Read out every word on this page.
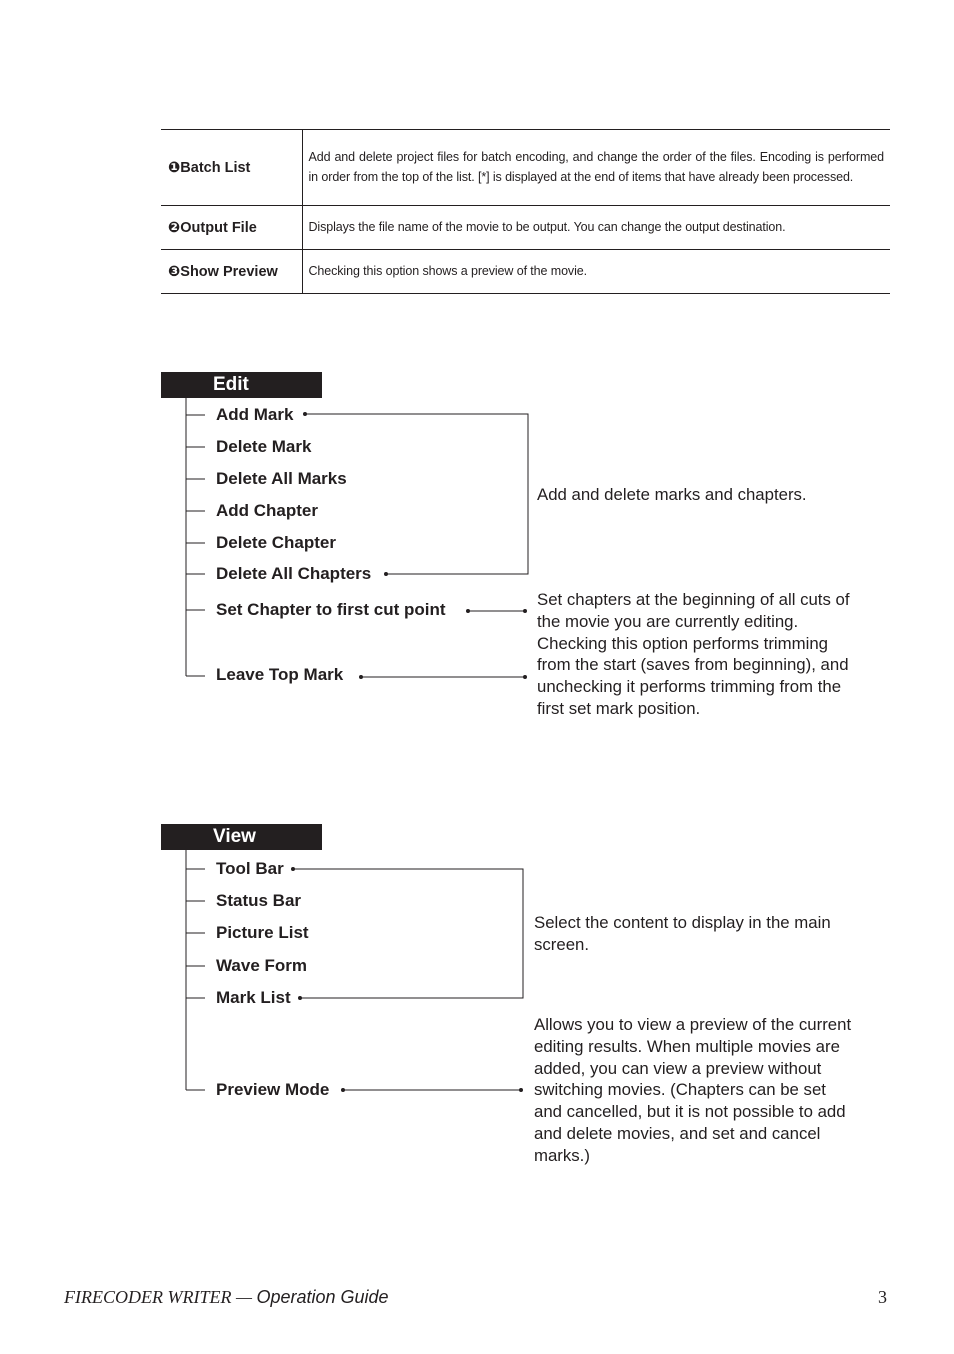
❶Batch List	Add and delete project files for batch encoding, and change the order of the files. Encoding is performed in order from the top of the list. [*] is displayed at the end of items that have already been processed.
❷Output File	Displays the file name of the movie to be output. You can change the output destination.
❸Show Preview	Checking this option shows a preview of the movie.
Edit
Add Mark
Delete Mark
Delete All Marks
Add Chapter
Delete Chapter
Delete All Chapters
Set Chapter to first cut point
Leave Top Mark
Add and delete marks and chapters.
Set chapters at the beginning of all cuts of
the movie you are currently editing.
Checking this option performs trimming
from the start (saves from beginning), and
unchecking it performs trimming from the
first set mark position.
View
Tool Bar
Status Bar
Picture List
Wave Form
Mark List
Preview Mode
Select the content to display in the main
screen.
Allows you to view a preview of the current
editing results. When multiple movies are
added, you can view a preview without
switching movies. (Chapters can be set
and cancelled, but it is not possible to add
and delete movies, and set and cancel
marks.)
FIRECODER WRITER — Operation Guide	3
